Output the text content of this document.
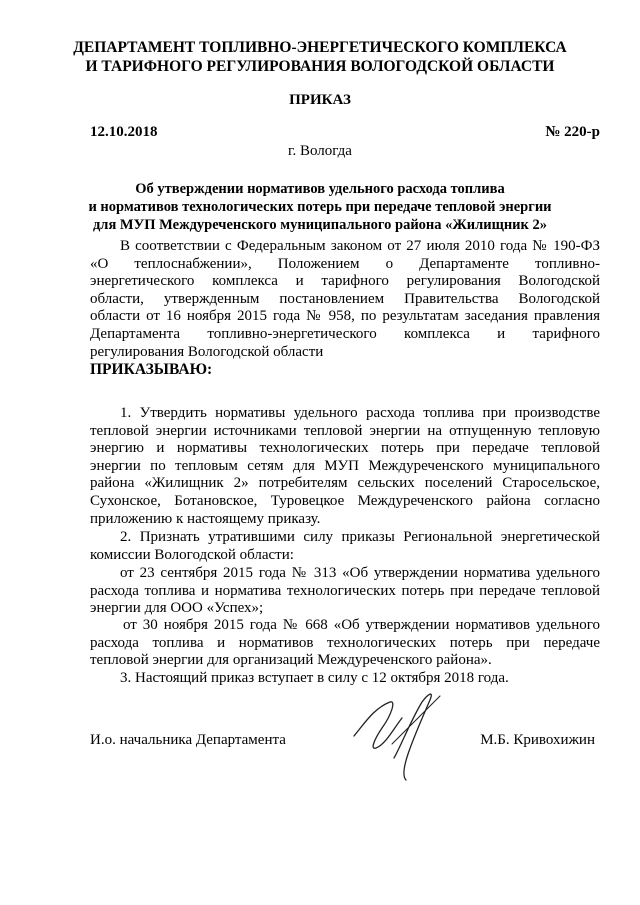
ДЕПАРТАМЕНТ ТОПЛИВНО-ЭНЕРГЕТИЧЕСКОГО КОМПЛЕКСА
И ТАРИФНОГО РЕГУЛИРОВАНИЯ ВОЛОГОДСКОЙ ОБЛАСТИ
ПРИКАЗ
12.10.2018	№ 220-р
г. Вологда
Об утверждении нормативов удельного расхода топлива
и нормативов технологических потерь при передаче тепловой энергии
для МУП Междуреченского муниципального района «Жилищник 2»
В соответствии с Федеральным законом от 27 июля 2010 года № 190-ФЗ
«О теплоснабжении», Положением о Департаменте топливно-
энергетического комплекса и тарифного регулирования Вологодской
области, утвержденным постановлением Правительства Вологодской
области от 16 ноября 2015 года № 958, по результатам заседания правления
Департамента топливно-энергетического комплекса и тарифного
регулирования Вологодской области
ПРИКАЗЫВАЮ:
1. Утвердить нормативы удельного расхода топлива при производстве
тепловой энергии источниками тепловой энергии на отпущенную тепловую
энергию и нормативы технологических потерь при передаче тепловой
энергии по тепловым сетям для МУП Междуреченского муниципального
района «Жилищник 2» потребителям сельских поселений Старосельское,
Сухонское, Ботановское, Туровецкое Междуреченского района согласно
приложению к настоящему приказу.
2. Признать утратившими силу приказы Региональной энергетической
комиссии Вологодской области:
от 23 сентября 2015 года № 313 «Об утверждении норматива удельного
расхода топлива и норматива технологических потерь при передаче тепловой
энергии для ООО «Успех»;
от 30 ноября 2015 года № 668 «Об утверждении нормативов удельного
расхода топлива и нормативов технологических потерь при передаче
тепловой энергии для организаций Междуреченского района».
3. Настоящий приказ вступает в силу с 12 октября 2018 года.
И.о. начальника Департамента	М.Б. Кривохижин
